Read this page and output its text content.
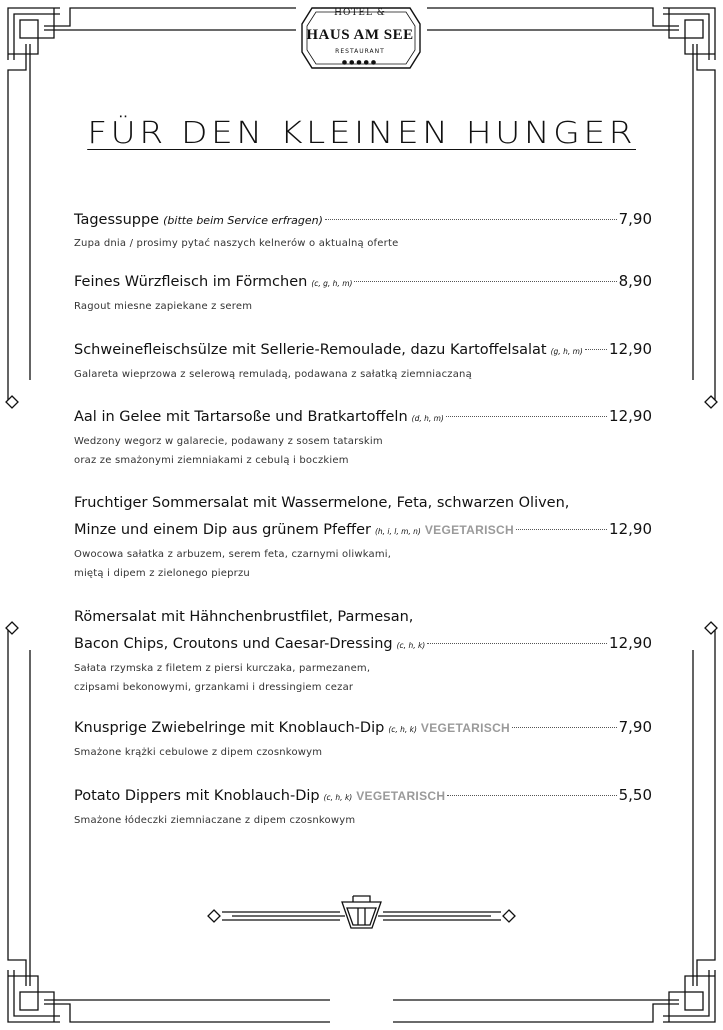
HOTEL &
HAUS AM SEE
RESTAURANT
●●●●●
FÜR DEN KLEINEN HUNGER
Tagessuppe (bitte beim Service erfragen)	7,90
Zupa dnia / prosimy pytać naszych kelnerów o aktualną oferte
Feines Würzfleisch im Förmchen (c, g, h, m)	8,90
Ragout miesne zapiekane z serem
Schweinefleischsülze mit Sellerie-Remoulade, dazu Kartoffelsalat (g, h, m) 12,90
Galareta wieprzowa z selerową remuladą, podawana z sałatką ziemniaczaną
Aal in Gelee mit Tartarsoße und Bratkartoffeln (d, h, m)	12,90
Wedzony wegorz w galarecie, podawany z sosem tatarskim
oraz ze smażonymi ziemniakami z cebulą i boczkiem
Fruchtiger Sommersalat mit Wassermelone, Feta, schwarzen Oliven,
Minze und einem Dip aus grünem Pfeffer (h, i, l, m, n) VEGETARISCH	12,90
Owocowa sałatka z arbuzem, serem feta, czarnymi oliwkami,
miętą i dipem z zielonego pieprzu
Römersalat mit Hähnchenbrustfilet, Parmesan,
Bacon Chips, Croutons und Caesar-Dressing (c, h, k)	12,90
Sałata rzymska z filetem z piersi kurczaka, parmezanem,
czipsami bekonowymi, grzankami i dressingiem cezar
Knusprige Zwiebelringe mit Knoblauch-Dip (c, h, k) VEGETARISCH	7,90
Smażone krążki cebulowe z dipem czosnkowym
Potato Dippers mit Knoblauch-Dip (c, h, k) VEGETARISCH	5,50
Smażone łódeczki ziemniaczane z dipem czosnkowym
